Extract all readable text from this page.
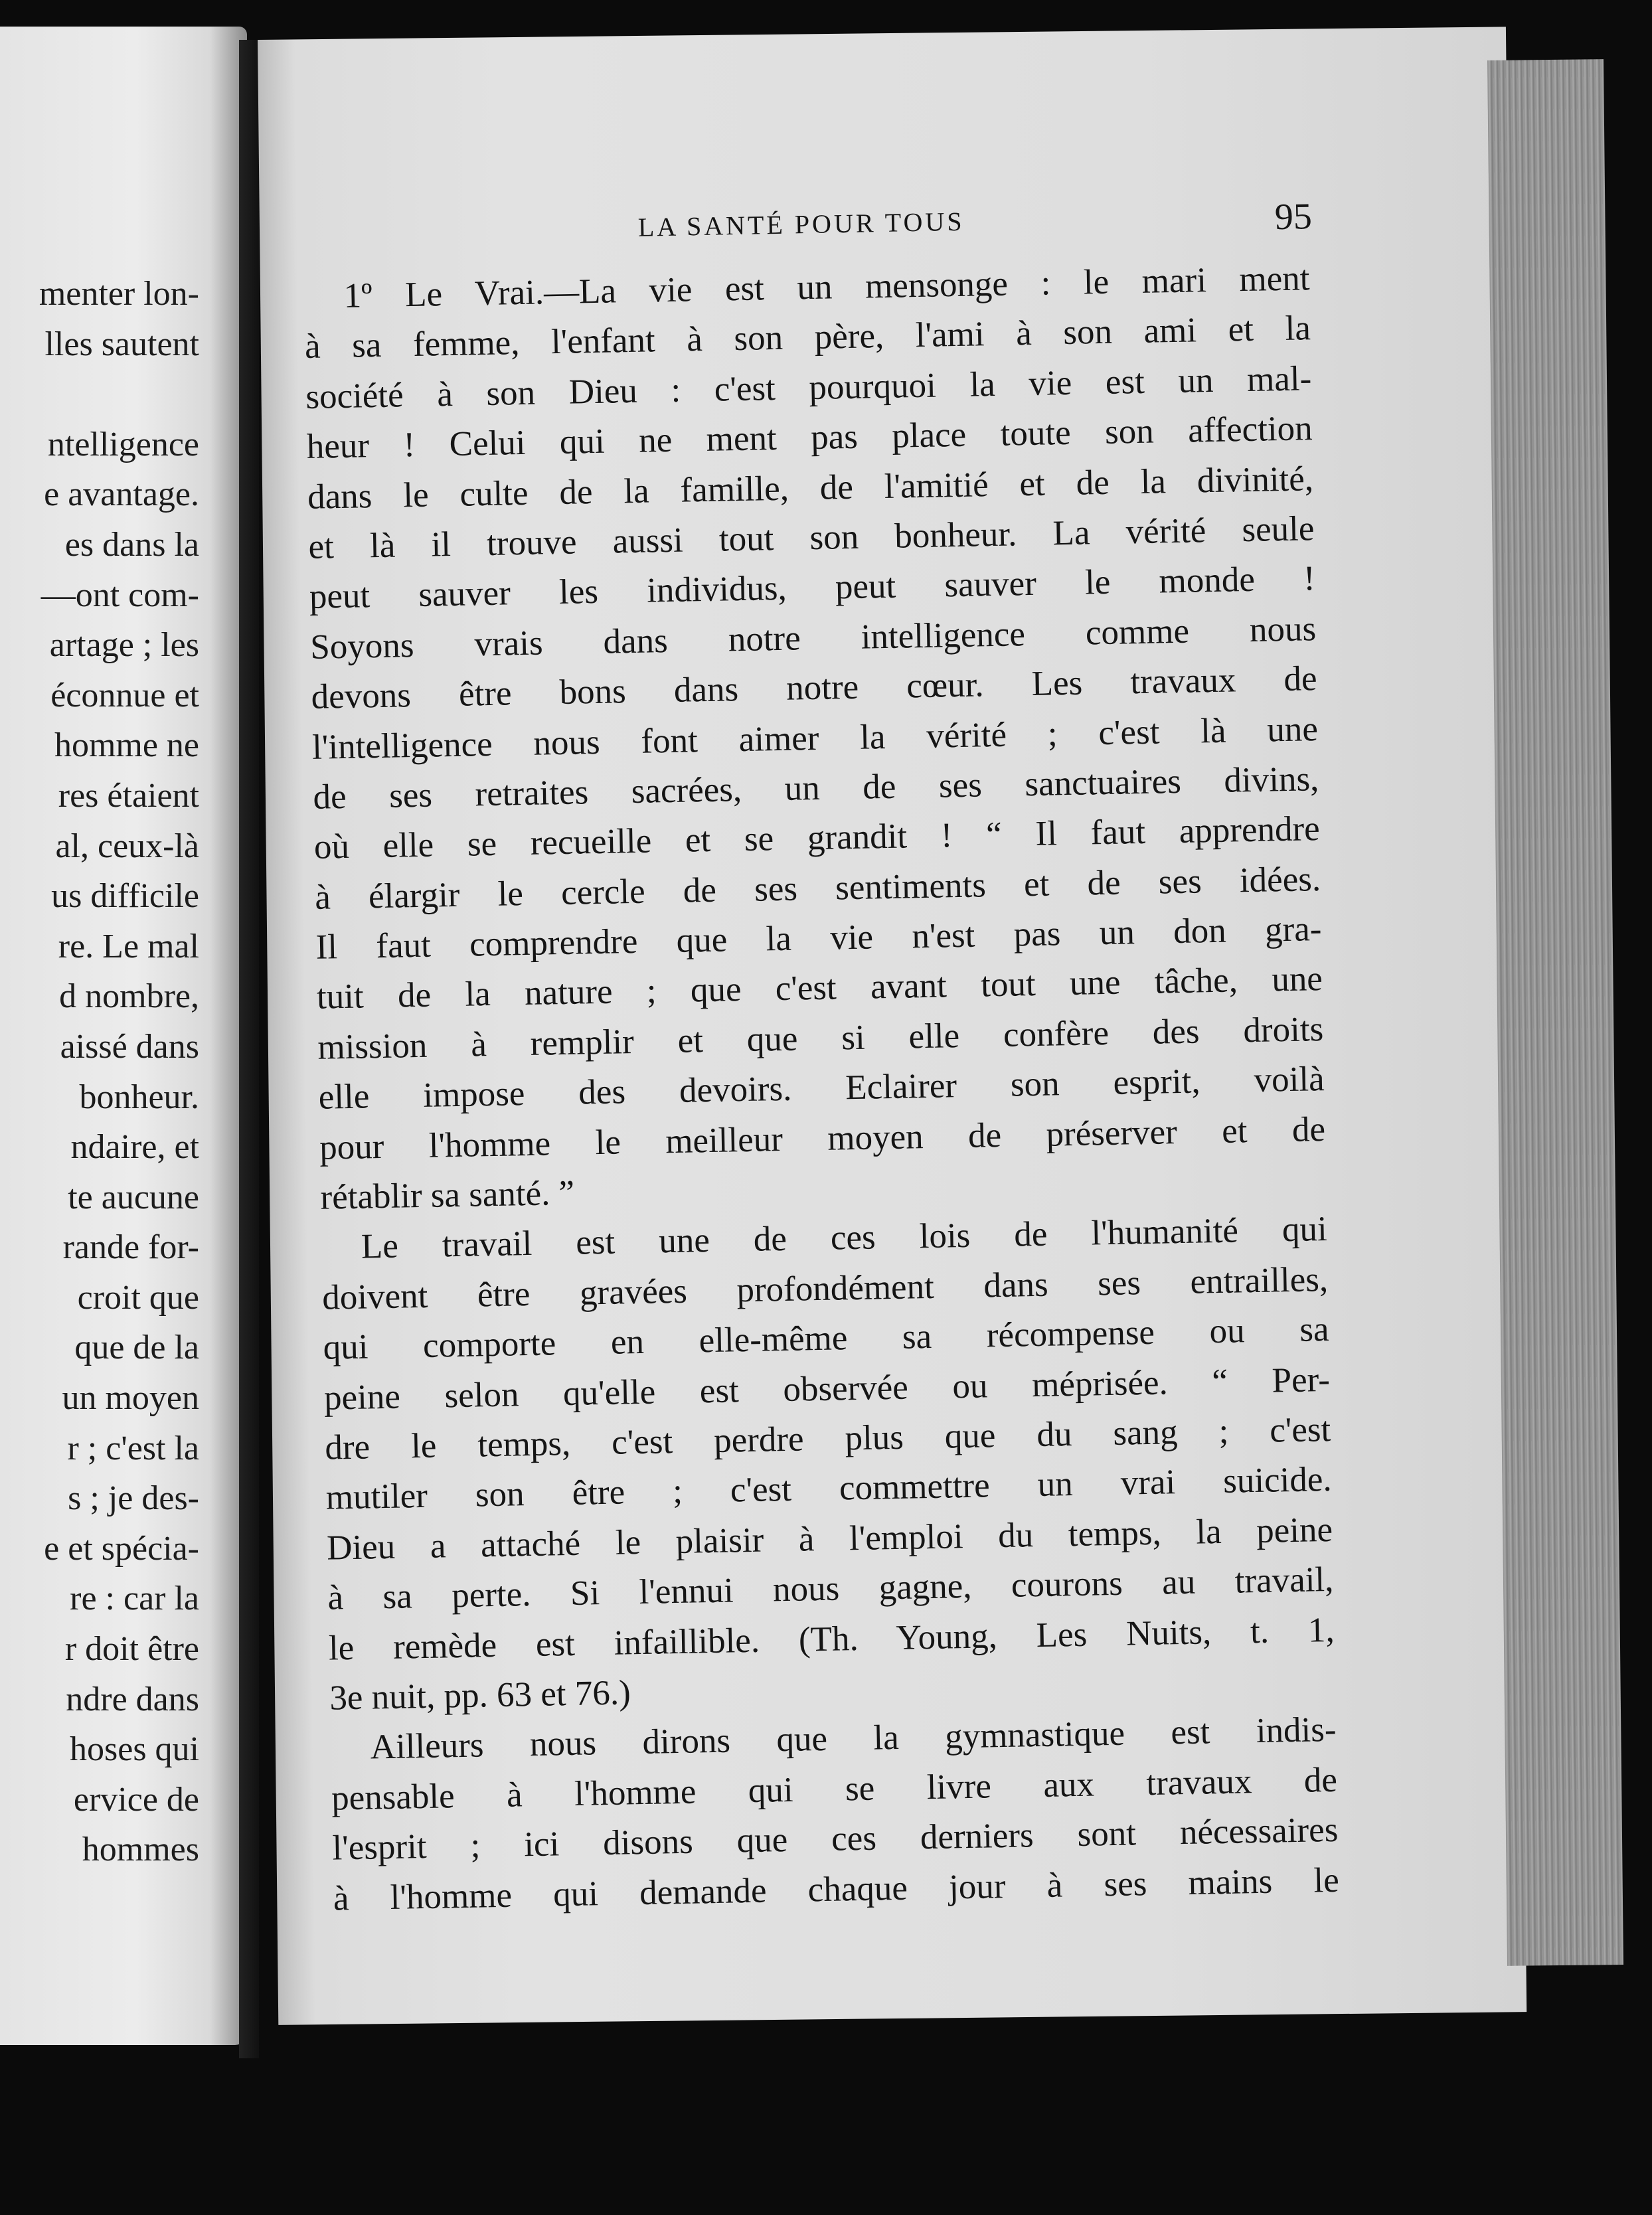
menter lon-
lles sautent
ntelligence
e avantage.
es dans la
—ont com-
artage ; les
éconnue et
homme ne
res étaient
al, ceux-là
us difficile
re. Le mal
d nombre,
aissé dans
bonheur.
ndaire, et
te aucune
rande for-
croit que
que de la
un moyen
r ; c'est la
s ; je des-
e et spécia-
re : car la
r doit être
ndre dans
hoses qui
ervice de
hommes
LA SANTÉ POUR TOUS	95
1º Le Vrai.—La vie est un mensonge : le mari ment
à sa femme, l'enfant à son père, l'ami à son ami et la
société à son Dieu : c'est pourquoi la vie est un mal-
heur ! Celui qui ne ment pas place toute son affection
dans le culte de la famille, de l'amitié et de la divinité,
et là il trouve aussi tout son bonheur. La vérité seule
peut sauver les individus, peut sauver le monde !
Soyons vrais dans notre intelligence comme nous
devons être bons dans notre cœur. Les travaux de
l'intelligence nous font aimer la vérité ; c'est là une
de ses retraites sacrées, un de ses sanctuaires divins,
où elle se recueille et se grandit ! “ Il faut apprendre
à élargir le cercle de ses sentiments et de ses idées.
Il faut comprendre que la vie n'est pas un don gra-
tuit de la nature ; que c'est avant tout une tâche, une
mission à remplir et que si elle confère des droits
elle impose des devoirs. Eclairer son esprit, voilà
pour l'homme le meilleur moyen de préserver et de
rétablir sa santé. ”
Le travail est une de ces lois de l'humanité qui
doivent être gravées profondément dans ses entrailles,
qui comporte en elle-même sa récompense ou sa
peine selon qu'elle est observée ou méprisée. “ Per-
dre le temps, c'est perdre plus que du sang ; c'est
mutiler son être ; c'est commettre un vrai suicide.
Dieu a attaché le plaisir à l'emploi du temps, la peine
à sa perte. Si l'ennui nous gagne, courons au travail,
le remède est infaillible. (Th. Young, Les Nuits, t. 1,
3e nuit, pp. 63 et 76.)
Ailleurs nous dirons que la gymnastique est indis-
pensable à l'homme qui se livre aux travaux de
l'esprit ; ici disons que ces derniers sont nécessaires
à l'homme qui demande chaque jour à ses mains le
